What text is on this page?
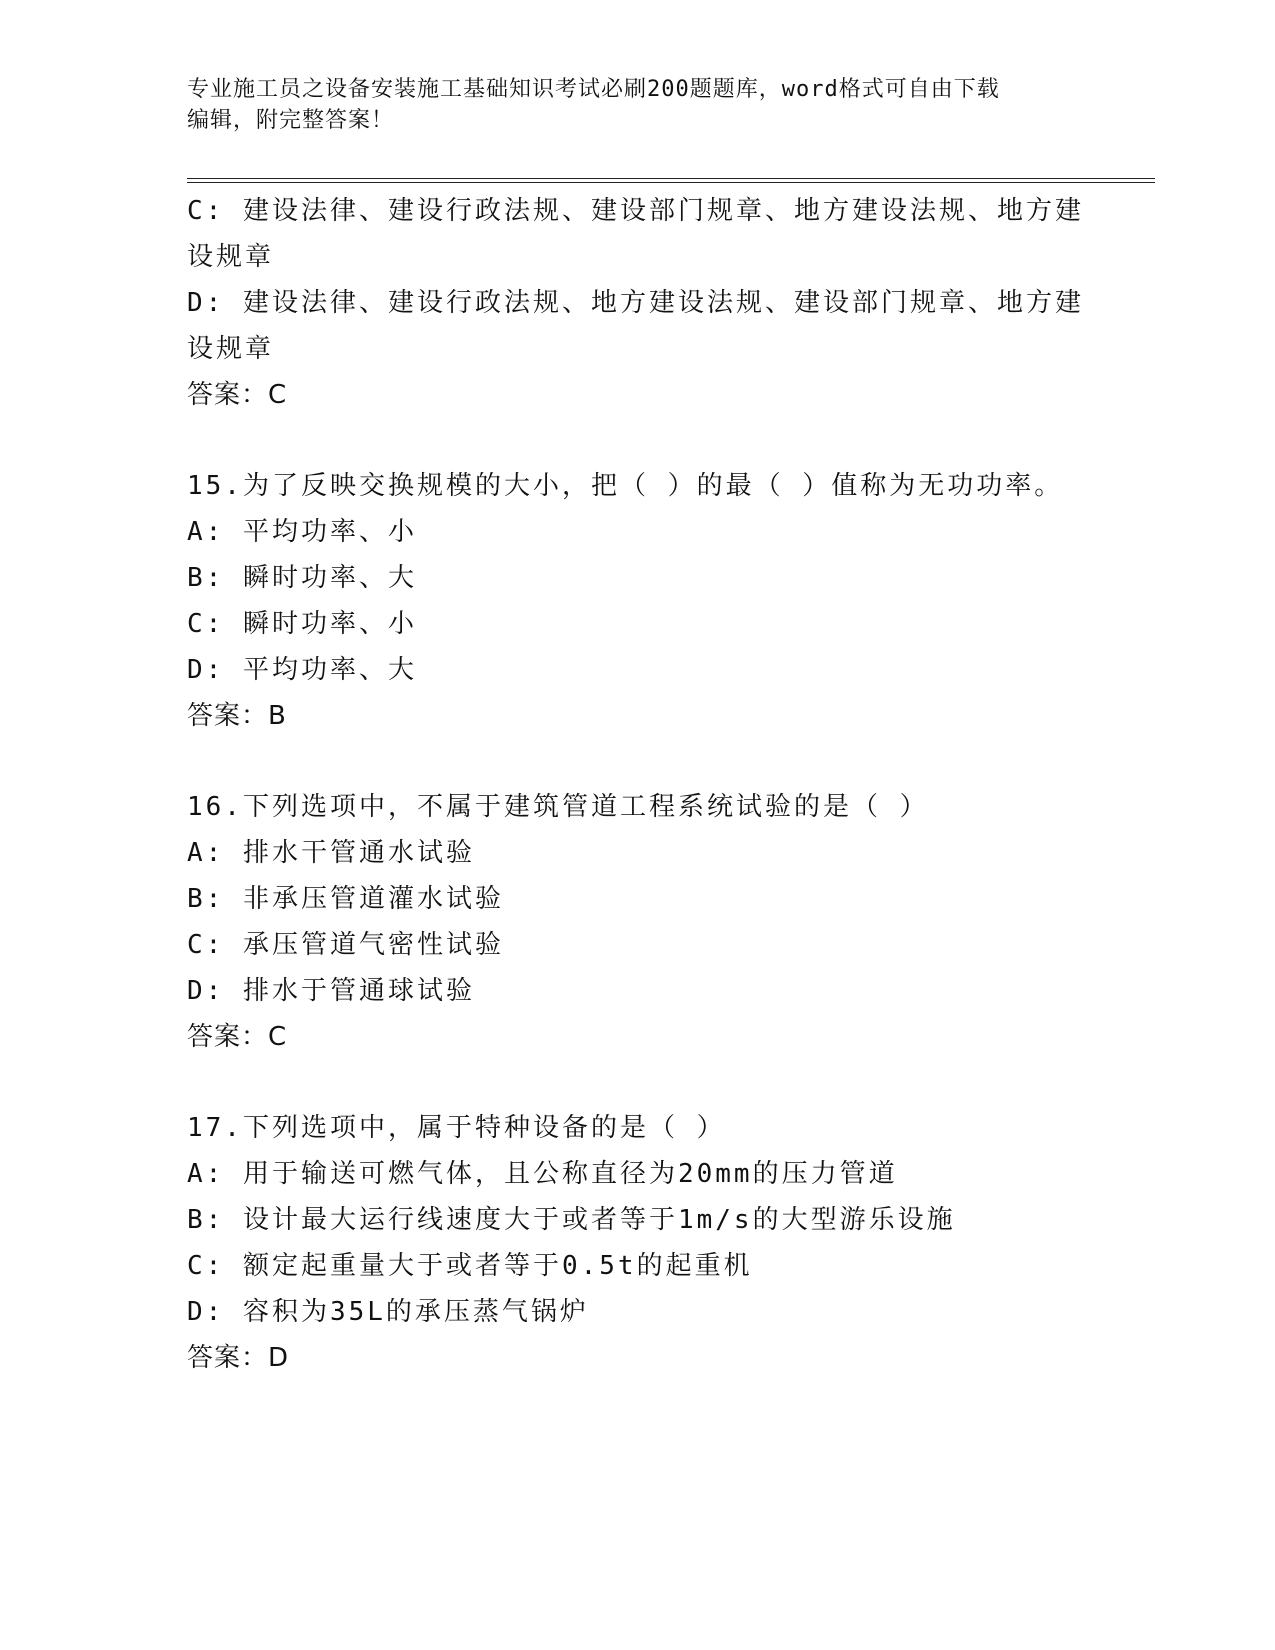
专业施工员之设备安装施工基础知识考试必刷200题题库，word格式可自由下载
编辑，附完整答案！
C: 建设法律、建设行政法规、建设部门规章、地方建设法规、地方建
设规章
D: 建设法律、建设行政法规、地方建设法规、建设部门规章、地方建
设规章
答案：C
15.为了反映交换规模的大小，把（ ）的最（ ）值称为无功功率。
A: 平均功率、小
B: 瞬时功率、大
C: 瞬时功率、小
D: 平均功率、大
答案：B
16.下列选项中，不属于建筑管道工程系统试验的是（ ）
A: 排水干管通水试验
B: 非承压管道灌水试验
C: 承压管道气密性试验
D: 排水于管通球试验
答案：C
17.下列选项中，属于特种设备的是（ ）
A: 用于输送可燃气体，且公称直径为20mm的压力管道
B: 设计最大运行线速度大于或者等于1m/s的大型游乐设施
C: 额定起重量大于或者等于0.5t的起重机
D: 容积为35L的承压蒸气锅炉
答案：D
